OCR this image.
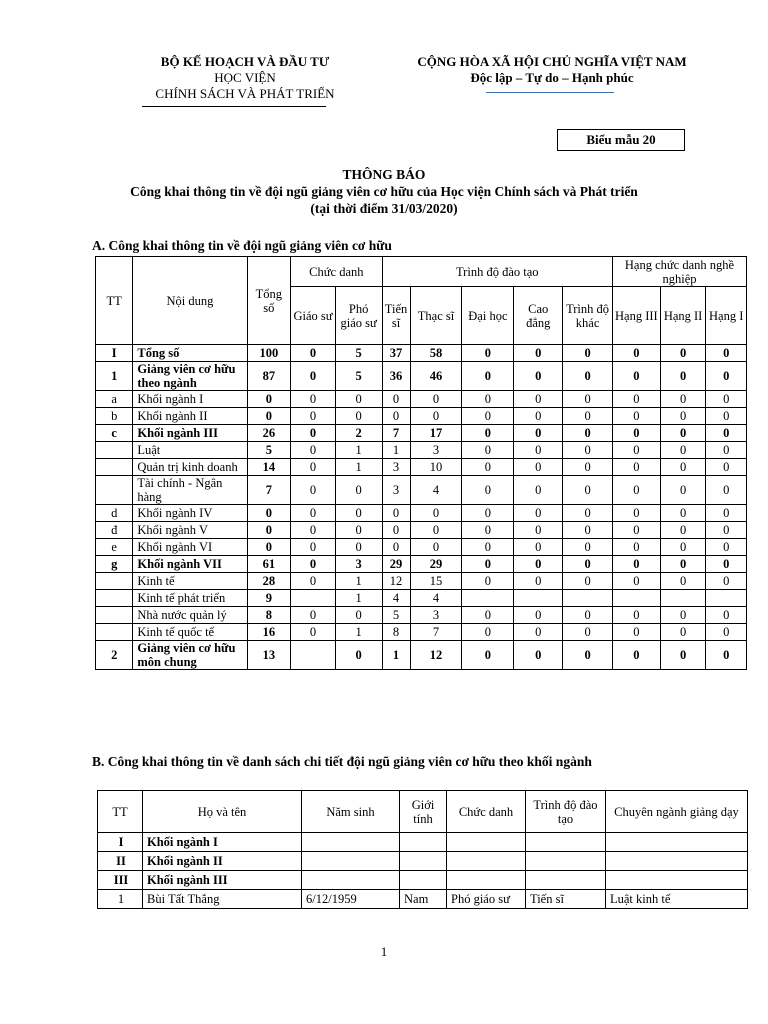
BỘ KẾ HOẠCH VÀ ĐẦU TƯ
HỌC VIỆN
CHÍNH SÁCH VÀ PHÁT TRIỂN
CỘNG HÒA XÃ HỘI CHỦ NGHĨA VIỆT NAM
Độc lập – Tự do – Hạnh phúc
Biểu mẫu 20
THÔNG BÁO
Công khai thông tin về đội ngũ giảng viên cơ hữu của Học viện Chính sách và Phát triển
(tại thời điểm 31/03/2020)
A. Công khai thông tin về đội ngũ giảng viên cơ hữu
TT	Nội dung	Tổng số	Chức danh		Trình độ đào tạo					Hạng chức danh nghề nghiệp		
			Giáo sư	Phó giáo sư	Tiến sĩ	Thạc sĩ	Đại học	Cao đẳng	Trình độ khác	Hạng III	Hạng II	Hạng I
I	Tổng số	100	0	5	37	58	0	0	0	0	0	0
1	Giảng viên cơ hữu theo ngành	87	0	5	36	46	0	0	0	0	0	0
a	Khối ngành I	0	0	0	0	0	0	0	0	0	0	0
b	Khối ngành II	0	0	0	0	0	0	0	0	0	0	0
c	Khối ngành III	26	0	2	7	17	0	0	0	0	0	0
	Luật	5	0	1	1	3	0	0	0	0	0	0
	Quản trị kinh doanh	14	0	1	3	10	0	0	0	0	0	0
	Tài chính - Ngân hàng	7	0	0	3	4	0	0	0	0	0	0
d	Khối ngành IV	0	0	0	0	0	0	0	0	0	0	0
đ	Khối ngành V	0	0	0	0	0	0	0	0	0	0	0
e	Khối ngành VI	0	0	0	0	0	0	0	0	0	0	0
g	Khối ngành VII	61	0	3	29	29	0	0	0	0	0	0
	Kinh tế	28	0	1	12	15	0	0	0	0	0	0
	Kinh tế phát triển	9		1	4	4						
	Nhà nước quản lý	8	0	0	5	3	0	0	0	0	0	0
	Kinh tế quốc tế	16	0	1	8	7	0	0	0	0	0	0
2	Giảng viên cơ hữu môn chung	13		0	1	12	0	0	0	0	0	0
B. Công khai thông tin về danh sách chi tiết đội ngũ giảng viên cơ hữu theo khối ngành
TT	Họ và tên	Năm sinh	Giới tính	Chức danh	Trình độ đào tạo	Chuyên ngành giảng dạy
I	Khối ngành I					
II	Khối ngành II					
III	Khối ngành III					
1	Bùi Tất Thắng	6/12/1959	Nam	Phó giáo sư	Tiến sĩ	Luật kinh tế
1
